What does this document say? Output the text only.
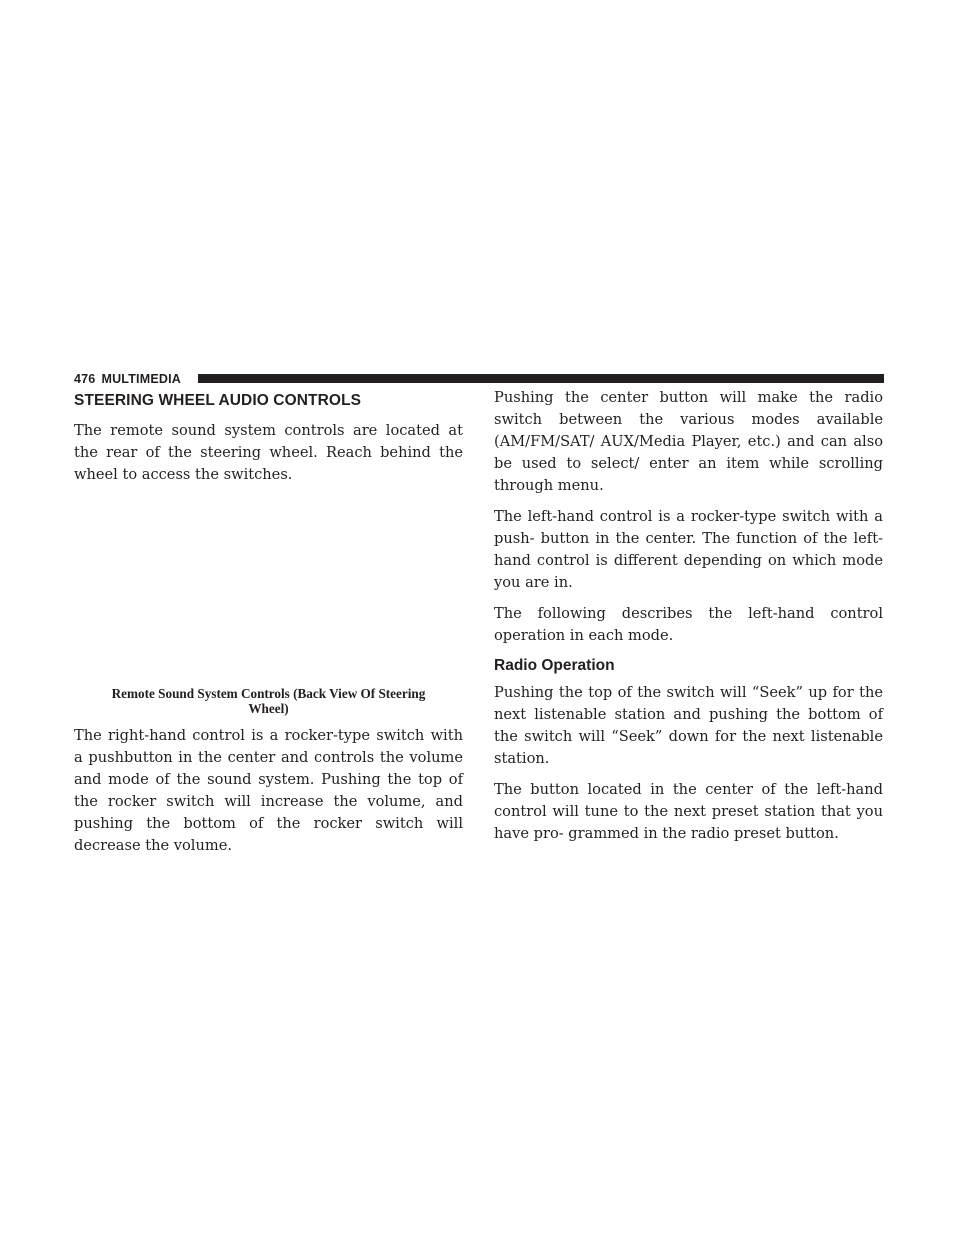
476 MULTIMEDIA
STEERING WHEEL AUDIO CONTROLS

The remote sound system controls are located at the rear of the steering wheel. Reach behind the wheel to access the switches.

Remote Sound System Controls (Back View Of Steering Wheel)

The right-hand control is a rocker-type switch with a pushbutton in the center and controls the volume and mode of the sound system. Pushing the top of the rocker switch will increase the volume, and pushing the bottom of the rocker switch will decrease the volume.

Pushing the center button will make the radio switch between the various modes available (AM/FM/SAT/ AUX/Media Player, etc.) and can also be used to select/ enter an item while scrolling through menu.

The left-hand control is a rocker-type switch with a push- button in the center. The function of the left-hand control is different depending on which mode you are in.

The following describes the left-hand control operation in each mode.

Radio Operation

Pushing the top of the switch will “Seek” up for the next listenable station and pushing the bottom of the switch will “Seek” down for the next listenable station.

The button located in the center of the left-hand control will tune to the next preset station that you have pro- grammed in the radio preset button.
